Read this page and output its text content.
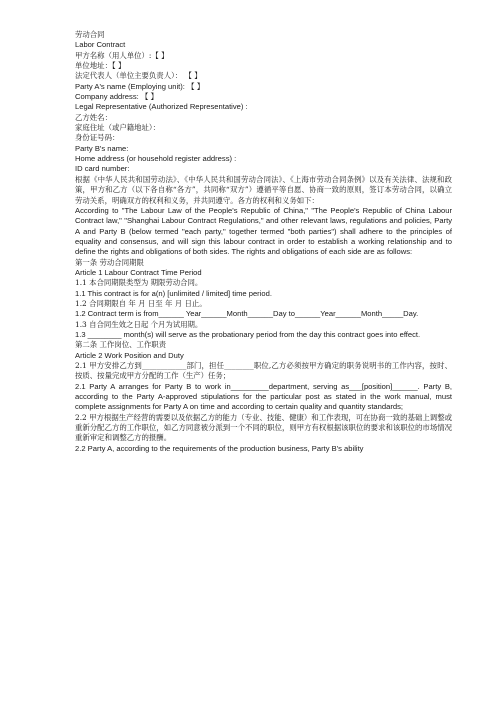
劳动合同
Labor Contract
甲方名称（用人单位）:【 】
单位地址：【 】
法定代表人（单位主要负责人）： 【 】
Party A's name (Employing unit): 【 】
Company address: 【 】
Legal Representative (Authorized Representative) :
乙方姓名：
家庭住址（或户籍地址）：
身份证号码：
Party B's name:
Home address (or household register address) :
ID card number:
根据《中华人民共和国劳动法》、《中华人民共和国劳动合同法》、《上海市劳动合同条例》以及有关法律、法规和政策，甲方和乙方（以下各自称“各方”，共同称“双方”）遵循平等自愿、协商一致的原则，签订本劳动合同，以确立劳动关系，明确双方的权利和义务，并共同遵守。各方的权利和义务如下：
According to "The Labour Law of the People's Republic of China," "The People's Republic of China Labour Contract law," "Shanghai Labour Contract Regulations," and other relevant laws, regulations and policies, Party A and Party B (below termed "each party," together termed "both parties") shall adhere to the principles of equality and consensus, and will sign this labour contract in order to establish a working relationship and to define the rights and obligations of both sides. The rights and obligations of each side are as follows:
第一条 劳动合同期限
Article 1 Labour Contract Time Period
1.1 本合同期限类型为 期限劳动合同。
1.1 This contract is for a(n) [unlimited / limited] time period.
1.2 合同期限自 年 月 日至 年 月 日止。
1.2 Contract term is from______ Year______Month______Day to______Year______Month_____Day.
1.3 自合同生效之日起 个月为试用期。
1.3 ________ month(s) will serve as the probationary period from the day this contract goes into effect.
第二条 工作岗位、工作职责
Article 2 Work Position and Duty
2.1 甲方安排乙方到____________部门，担任________职位,乙方必须按甲方确定的职务说明书的工作内容，按时、按质、按量完成甲方分配的工作（生产）任务；
2.1 Party A arranges for Party B to work in_________department, serving as___[position]______. Party B, according to the Party A-approved stipulations for the particular post as stated in the work manual, must complete assignments for Party A on time and according to certain quality and quantity standards;
2.2 甲方根据生产经营的需要以及依据乙方的能力（专业、技能、健康）和工作表现，可在协商一致的基础上调整或重新分配乙方的工作职位，如乙方同意被分派到一个不同的职位，则甲方有权根据该职位的要求和该职位的市场情况重新审定和调整乙方的报酬。
2.2 Party A, according to the requirements of the production business, Party B's ability
